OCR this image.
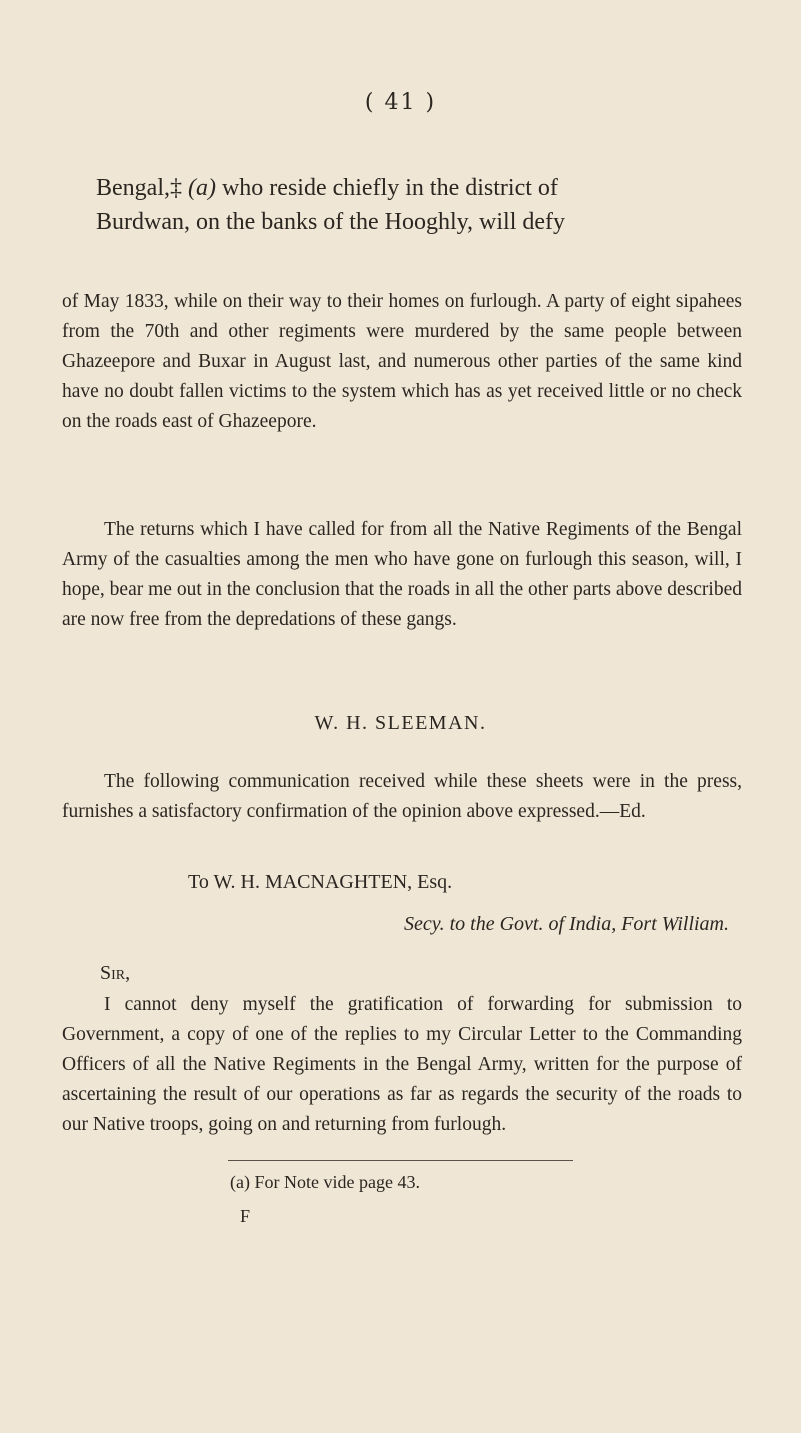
( 41 )
Bengal,‡ (a) who reside chiefly in the district of
Burdwan, on the banks of the Hooghly, will defy

of May 1833, while on their way to their homes on furlough. A party of eight sipahees from the 70th and other regiments were murdered by the same people between Ghazeepore and Buxar in August last, and numerous other parties of the same kind have no doubt fallen victims to the system which has as yet received little or no check on the roads east of Ghazeepore.

The returns which I have called for from all the Native Regiments of the Bengal Army of the casualties among the men who have gone on furlough this season, will, I hope, bear me out in the conclusion that the roads in all the other parts above described are now free from the depredations of these gangs.

W. H. SLEEMAN.

The following communication received while these sheets were in the press, furnishes a satisfactory confirmation of the opinion above expressed.—Ed.

To W. H. MACNAGHTEN, Esq.
Secy. to the Govt. of India, Fort William.
Sir,
(a) For Note vide page 43.
F

I cannot deny myself the gratification of forwarding for submission to Government, a copy of one of the replies to my Circular Letter to the Commanding Officers of all the Native Regiments in the Bengal Army, written for the purpose of ascertaining the result of our operations as far as regards the security of the roads to our Native troops, going on and returning from furlough.
